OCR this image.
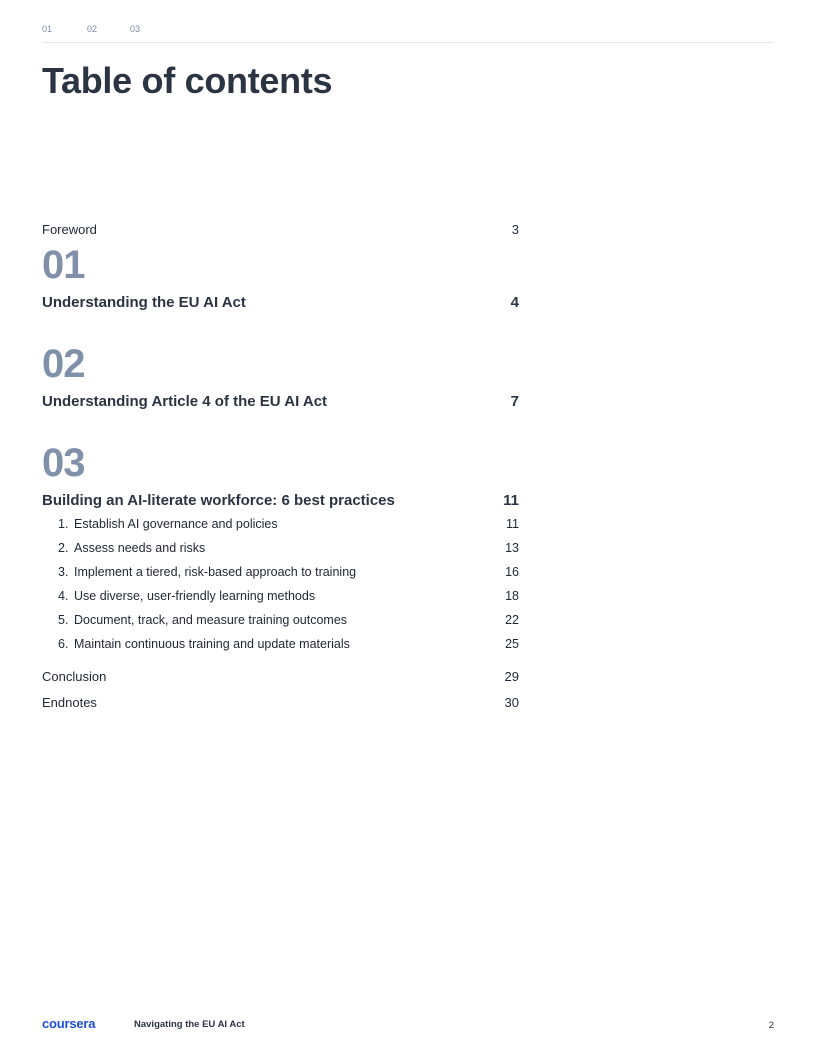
01	02	03
Table of contents
Foreword	3
01
Understanding the EU AI Act	4
02
Understanding Article 4 of the EU AI Act	7
03
Building an AI-literate workforce: 6 best practices	11
1. Establish AI governance and policies	11
2. Assess needs and risks	13
3. Implement a tiered, risk-based approach to training	16
4. Use diverse, user-friendly learning methods	18
5. Document, track, and measure training outcomes	22
6. Maintain continuous training and update materials	25
Conclusion	29
Endnotes	30
coursera	Navigating the EU AI Act	2
